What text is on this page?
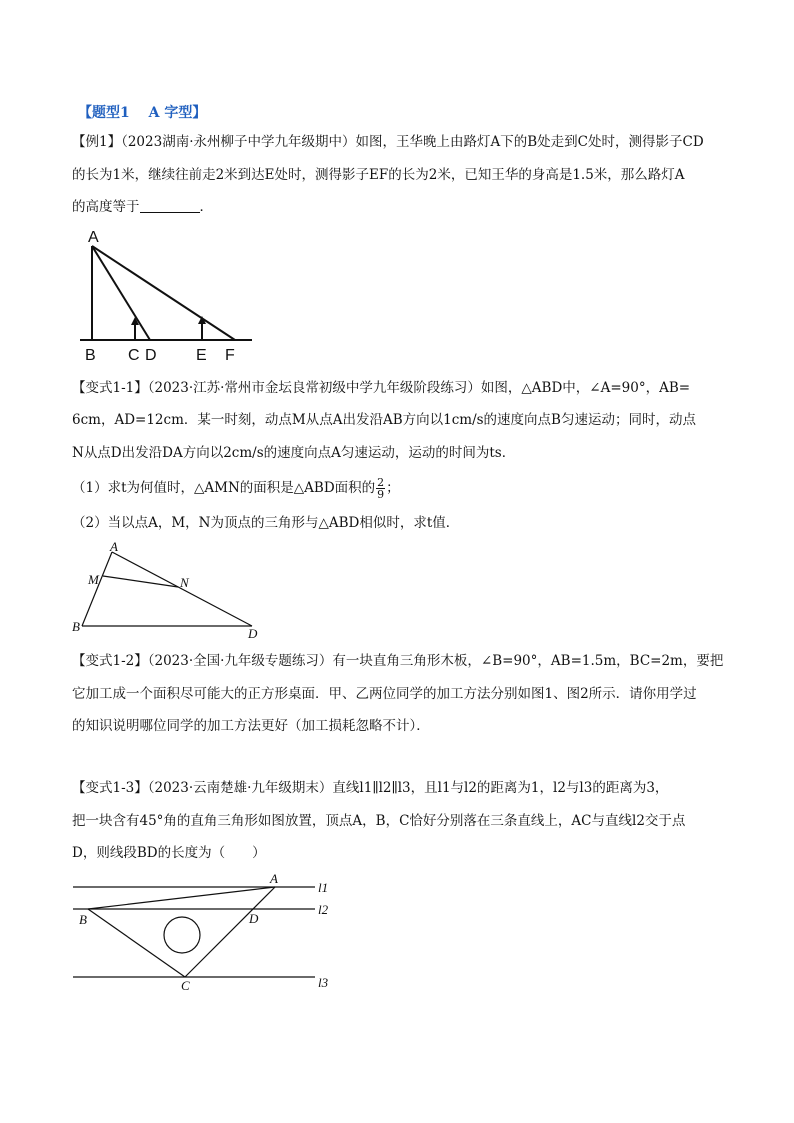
【题型1　 A 字型】
【例1】（2023湖南·永州柳子中学九年级期中）如图，王华晚上由路灯A下的B处走到C处时，测得影子CD
的长为1米，继续往前走2米到达E处时，测得影子EF的长为2米，已知王华的身高是1.5米，那么路灯A
的高度等于	．
A
B C D E F
【变式1-1】（2023·江苏·常州市金坛良常初级中学九年级阶段练习）如图，△ABD中，∠A=90°，AB=
6cm，AD=12cm．某一时刻，动点M从点A出发沿AB方向以1cm/s的速度向点B匀速运动；同时，动点
N从点D出发沿DA方向以2cm/s的速度向点A匀速运动，运动的时间为ts．
（1）求t为何值时，△AMN的面积是△ABD面积的 $\frac{2}{9}$ ；
（2）当以点A，M，N为顶点的三角形与△ABD相似时，求t值．
A
M	N
B	D
【变式1-2】（2023·全国·九年级专题练习）有一块直角三角形木板，∠B=90°，AB=1.5m，BC=2m，要把
它加工成一个面积尽可能大的正方形桌面．甲、乙两位同学的加工方法分别如图1、图2所示．请你用学过
的知识说明哪位同学的加工方法更好（加工损耗忽略不计）．
【变式1-3】（2023·云南楚雄·九年级期末）直线l1∥l2∥l3，且l1与l2的距离为1，l2与l3的距离为3，
把一块含有45°角的直角三角形如图放置，顶点A，B，C恰好分别落在三条直线上，AC与直线l2交于点
D，则线段BD的长度为（　　）
A
B
C
D
l1
l2
l3
